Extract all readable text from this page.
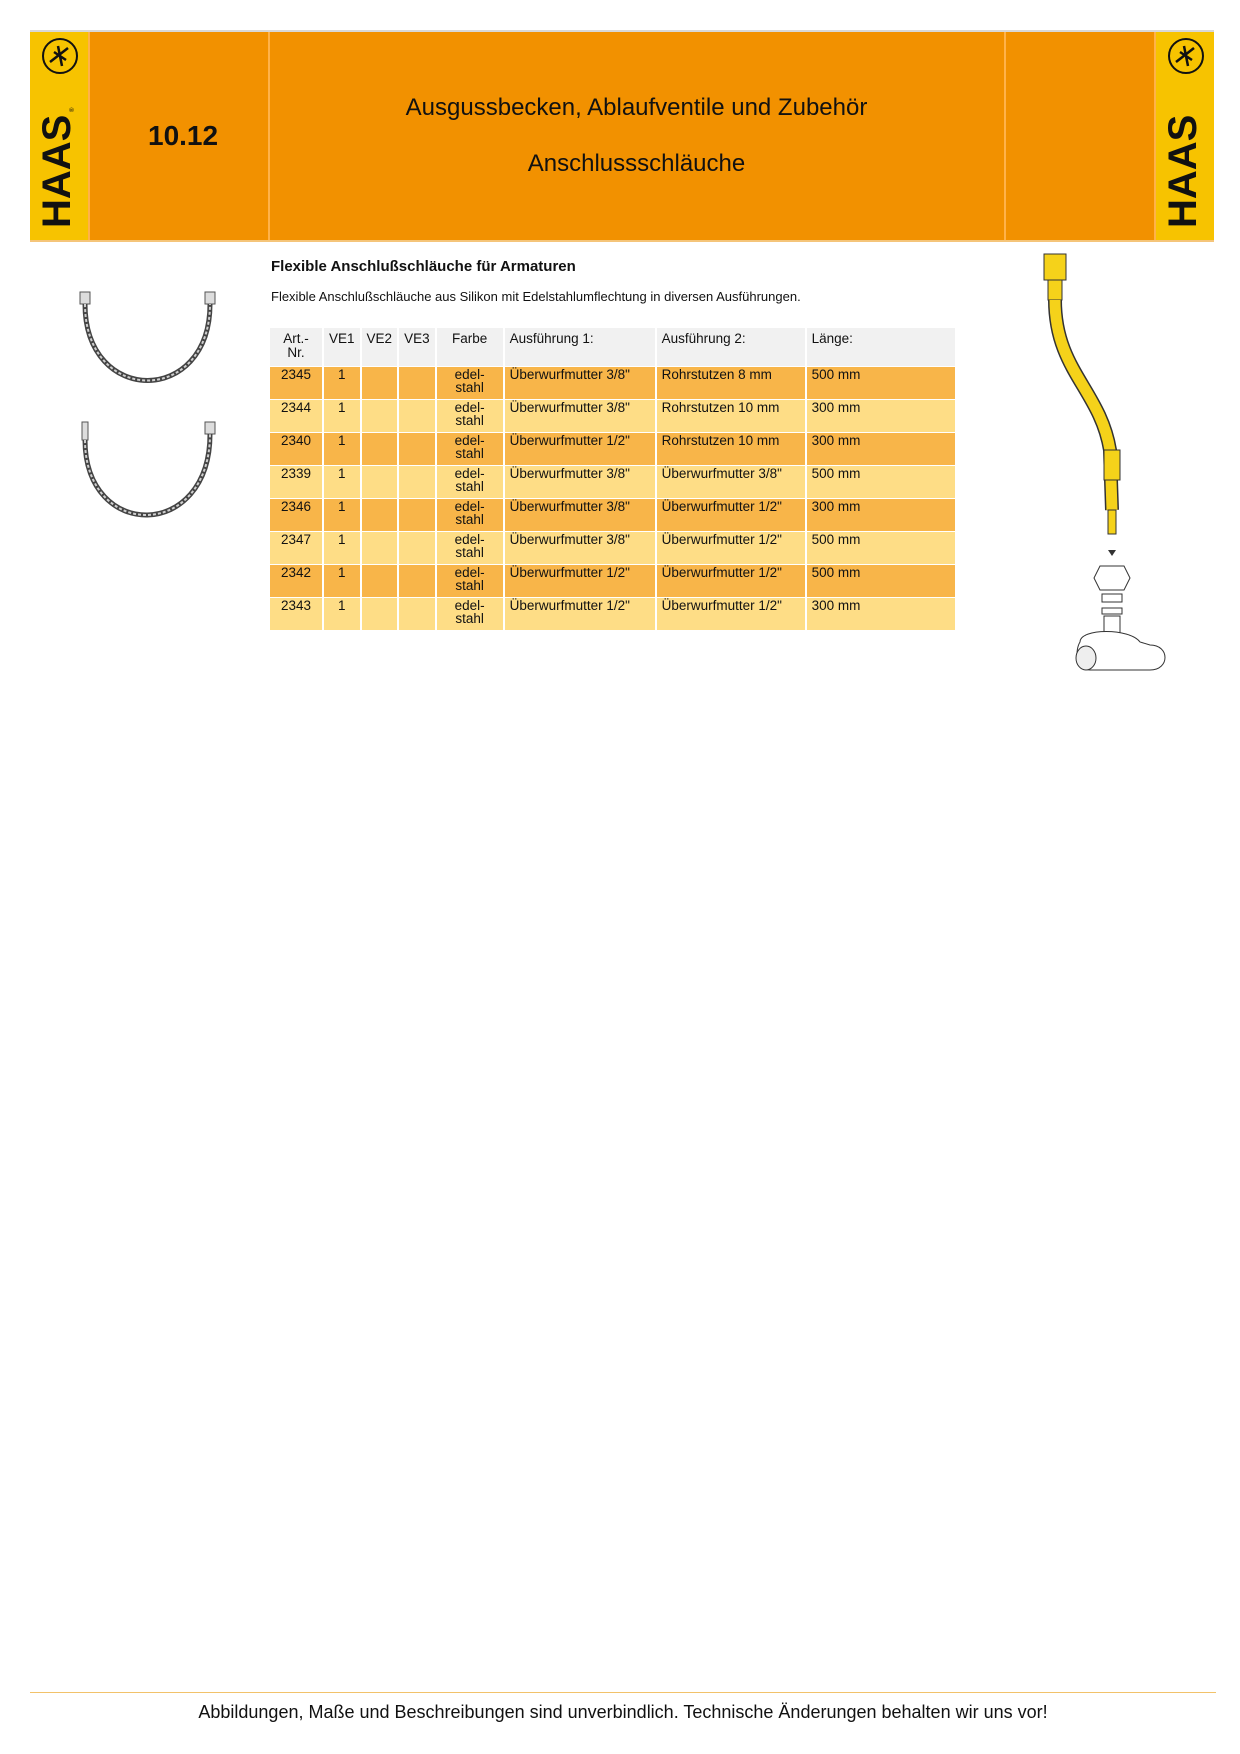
HAAS
®
10.12
Ausgussbecken, Ablaufventile und Zubehör
Anschlussschläuche	HAAS
Flexible Anschlußschläuche für Armaturen
Flexible Anschlußschläuche aus Silikon mit Edelstahlumflechtung in diversen Ausführungen.
Art.- Nr.	VE1	VE2	VE3	Farbe	Ausführung 1:	Ausführung 2:	Länge:
2345	1			edel- stahl	Überwurfmutter 3/8"	Rohrstutzen 8 mm	500 mm
2344	1			edel- stahl	Überwurfmutter 3/8"	Rohrstutzen 10 mm	300 mm
2340	1			edel- stahl	Überwurfmutter 1/2"	Rohrstutzen 10 mm	300 mm
2339	1			edel- stahl	Überwurfmutter 3/8"	Überwurfmutter 3/8"	500 mm
2346	1			edel- stahl	Überwurfmutter 3/8"	Überwurfmutter 1/2"	300 mm
2347	1			edel- stahl	Überwurfmutter 3/8"	Überwurfmutter 1/2"	500 mm
2342	1			edel- stahl	Überwurfmutter 1/2"	Überwurfmutter 1/2"	500 mm
2343	1			edel- stahl	Überwurfmutter 1/2"	Überwurfmutter 1/2"	300 mm
Abbildungen, Maße und Beschreibungen sind unverbindlich. Technische Änderungen behalten wir uns vor!
